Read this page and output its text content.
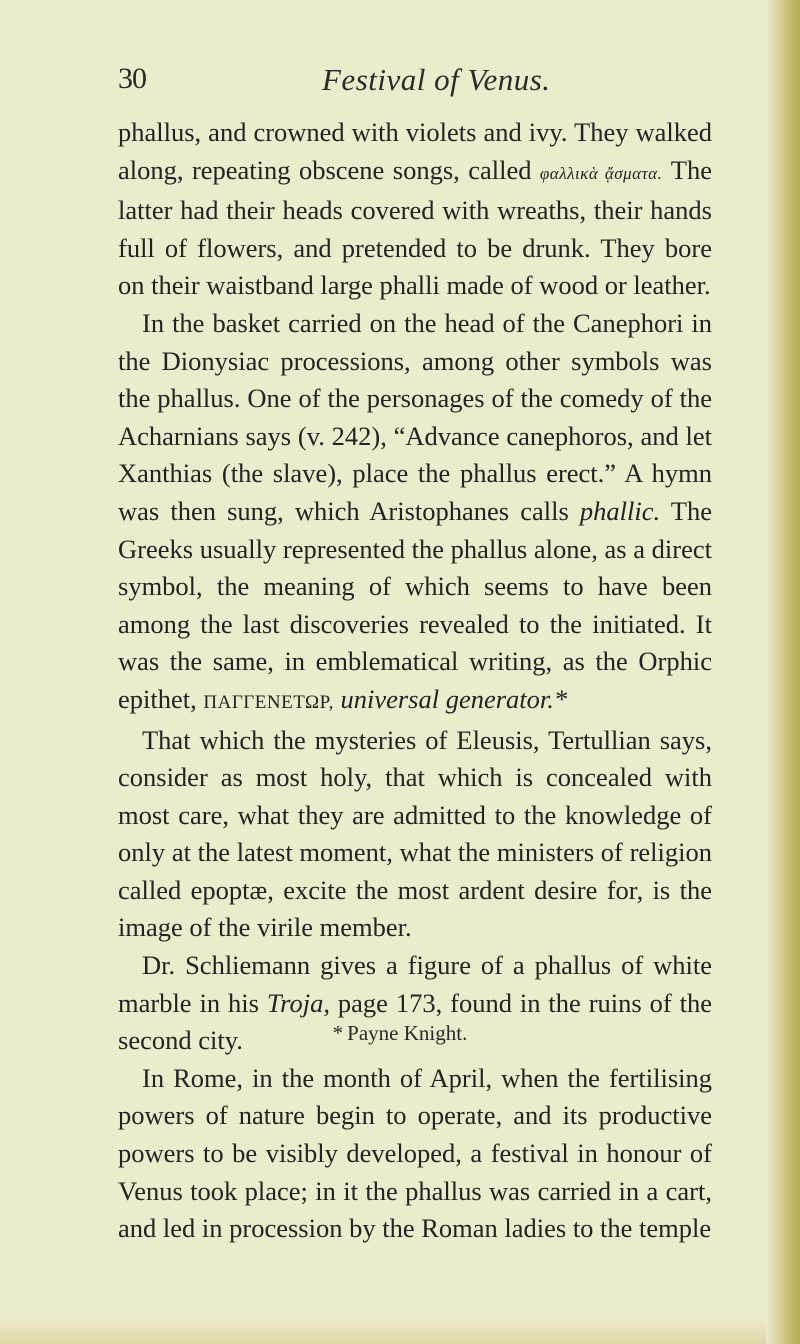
30	Festival of Venus.

phallus, and crowned with violets and ivy. They walked along, repeating obscene songs, called φαλλικὰ ᾄσματα. The latter had their heads covered with wreaths, their hands full of flowers, and pretended to be drunk. They bore on their waistband large phalli made of wood or leather.

In the basket carried on the head of the Canephori in the Dionysiac processions, among other symbols was the phallus. One of the personages of the comedy of the Acharnians says (v. 242), “Advance canephoros, and let Xanthias (the slave), place the phallus erect.” A hymn was then sung, which Aristophanes calls phallic. The Greeks usually represented the phallus alone, as a direct symbol, the meaning of which seems to have been among the last discoveries revealed to the initiated. It was the same, in emblematical writing, as the Orphic epithet, ΠΑΓΓΕΝΕΤΩΡ, universal generator.*

That which the mysteries of Eleusis, Tertullian says, consider as most holy, that which is concealed with most care, what they are admitted to the knowledge of only at the latest moment, what the ministers of religion called epoptæ, excite the most ardent desire for, is the image of the virile member.

Dr. Schliemann gives a figure of a phallus of white marble in his Troja, page 173, found in the ruins of the second city.

In Rome, in the month of April, when the fertilising powers of nature begin to operate, and its productive powers to be visibly developed, a festival in honour of Venus took place; in it the phallus was carried in a cart, and led in procession by the Roman ladies to the temple

* Payne Knight.
